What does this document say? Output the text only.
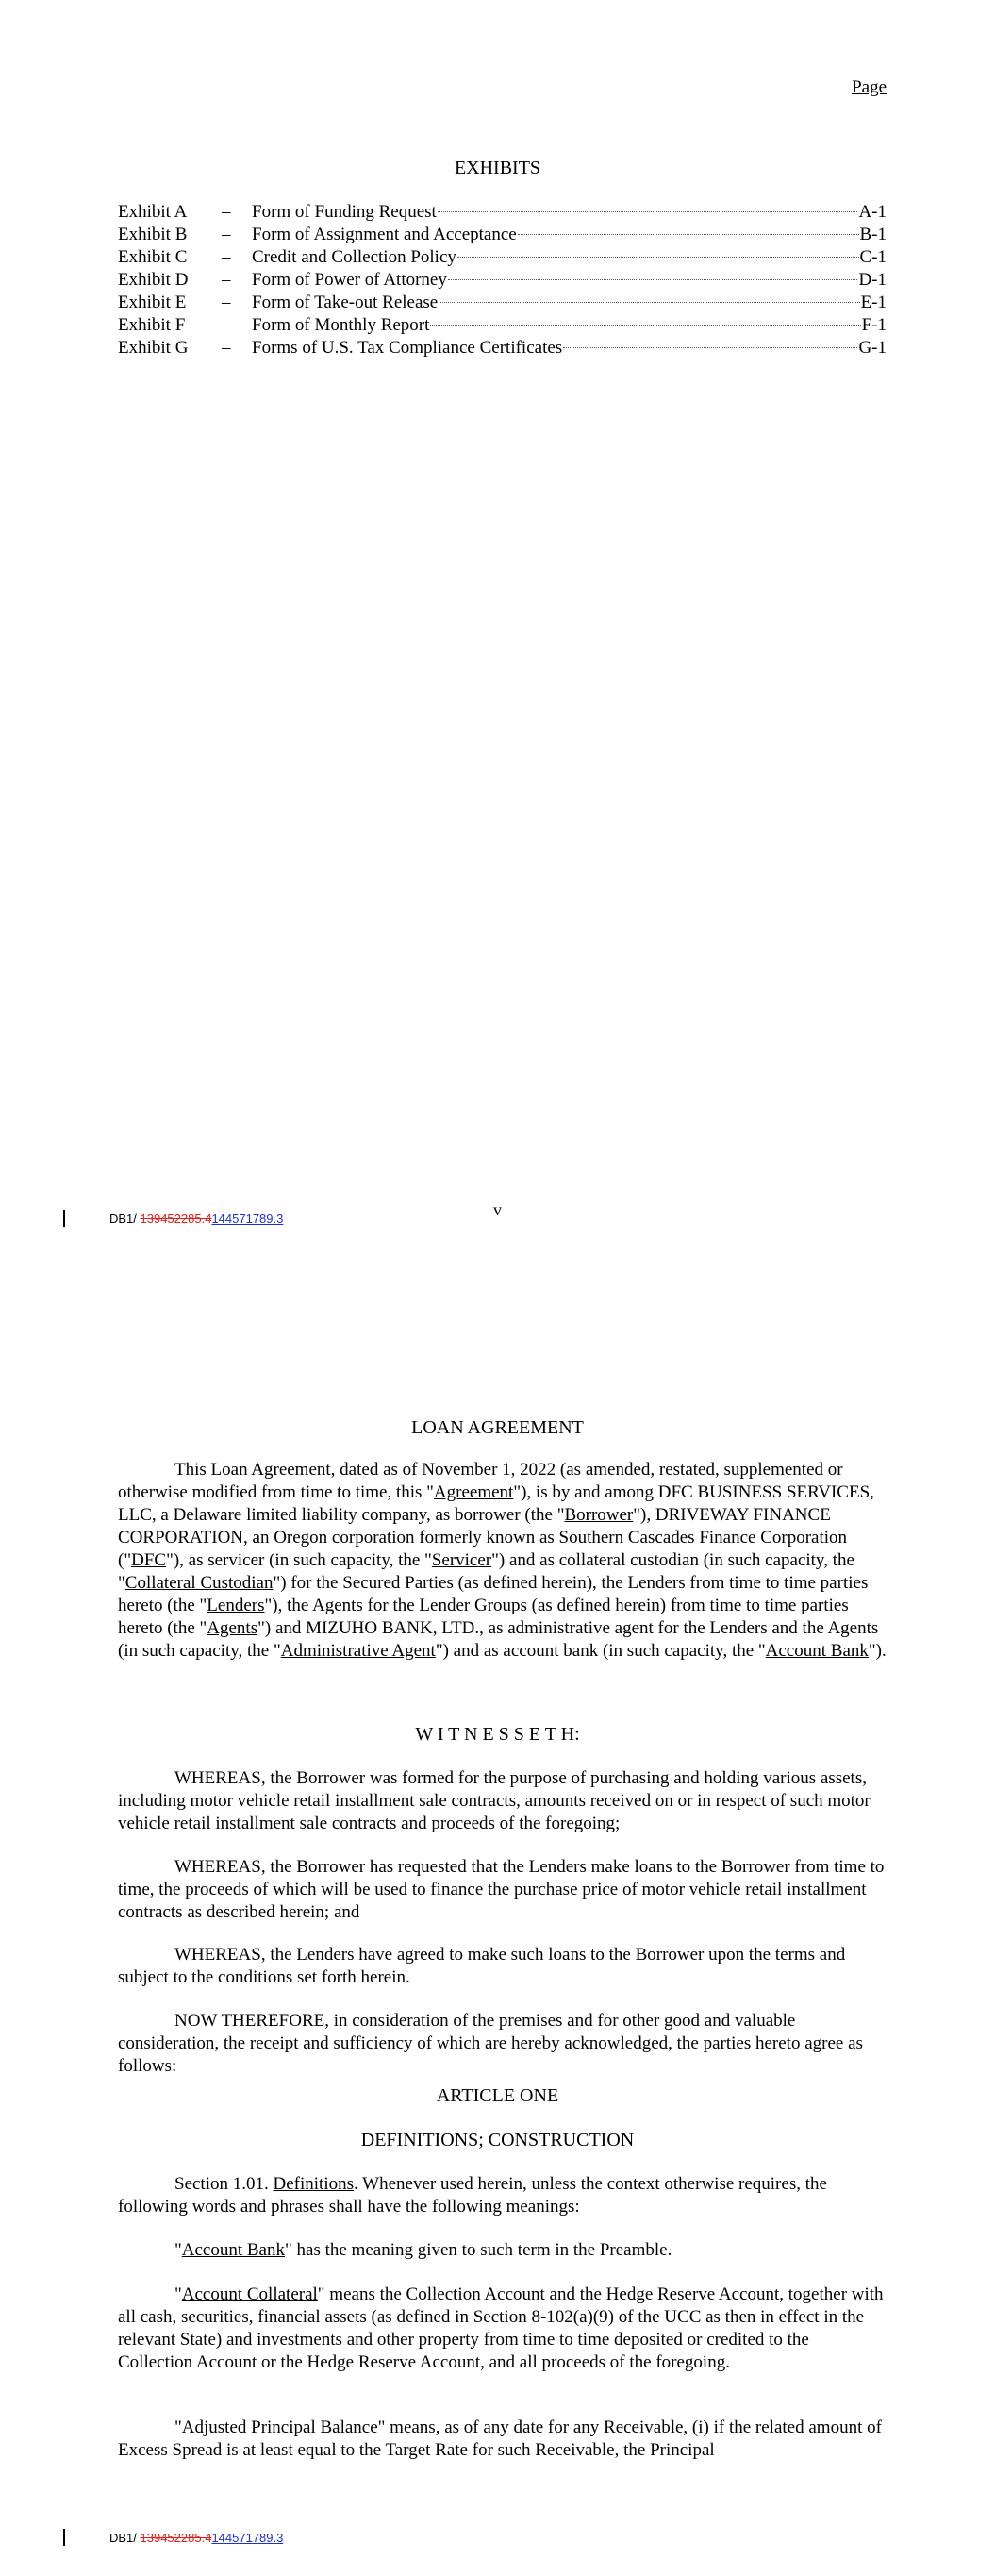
Page
EXHIBITS
Exhibit A	–	Form of Funding Request	A-1
Exhibit B	–	Form of Assignment and Acceptance	B-1
Exhibit C	–	Credit and Collection Policy	C-1
Exhibit D	–	Form of Power of Attorney	D-1
Exhibit E	–	Form of Take-out Release	E-1
Exhibit F	–	Form of Monthly Report	F-1
Exhibit G	–	Forms of U.S. Tax Compliance Certificates	G-1
v
DB1/ 139452285.4144571789.3
LOAN AGREEMENT

This Loan Agreement, dated as of November 1, 2022 (as amended, restated, supplemented or otherwise modified from time to time, this "Agreement"), is by and among DFC BUSINESS SERVICES, LLC, a Delaware limited liability company, as borrower (the "Borrower"), DRIVEWAY FINANCE CORPORATION, an Oregon corporation formerly known as Southern Cascades Finance Corporation ("DFC"), as servicer (in such capacity, the "Servicer") and as collateral custodian (in such capacity, the "Collateral Custodian") for the Secured Parties (as defined herein), the Lenders from time to time parties hereto (the "Lenders"), the Agents for the Lender Groups (as defined herein) from time to time parties hereto (the "Agents") and MIZUHO BANK, LTD., as administrative agent for the Lenders and the Agents (in such capacity, the "Administrative Agent") and as account bank (in such capacity, the "Account Bank").

W I T N E S S E T H:

WHEREAS, the Borrower was formed for the purpose of purchasing and holding various assets, including motor vehicle retail installment sale contracts, amounts received on or in respect of such motor vehicle retail installment sale contracts and proceeds of the foregoing;

WHEREAS, the Borrower has requested that the Lenders make loans to the Borrower from time to time, the proceeds of which will be used to finance the purchase price of motor vehicle retail installment contracts as described herein; and

WHEREAS, the Lenders have agreed to make such loans to the Borrower upon the terms and subject to the conditions set forth herein.

NOW THEREFORE, in consideration of the premises and for other good and valuable consideration, the receipt and sufficiency of which are hereby acknowledged, the parties hereto agree as follows:

ARTICLE ONE
DEFINITIONS; CONSTRUCTION

Section 1.01. Definitions. Whenever used herein, unless the context otherwise requires, the following words and phrases shall have the following meanings:

"Account Bank" has the meaning given to such term in the Preamble.
"Account Collateral" means the Collection Account and the Hedge Reserve Account, together with all cash, securities, financial assets (as defined in Section 8-102(a)(9) of the UCC as then in effect in the relevant State) and investments and other property from time to time deposited or credited to the Collection Account or the Hedge Reserve Account, and all proceeds of the foregoing.
"Adjusted Principal Balance" means, as of any date for any Receivable, (i) if the related amount of Excess Spread is at least equal to the Target Rate for such Receivable, the Principal
DB1/ 139452285.4144571789.3
